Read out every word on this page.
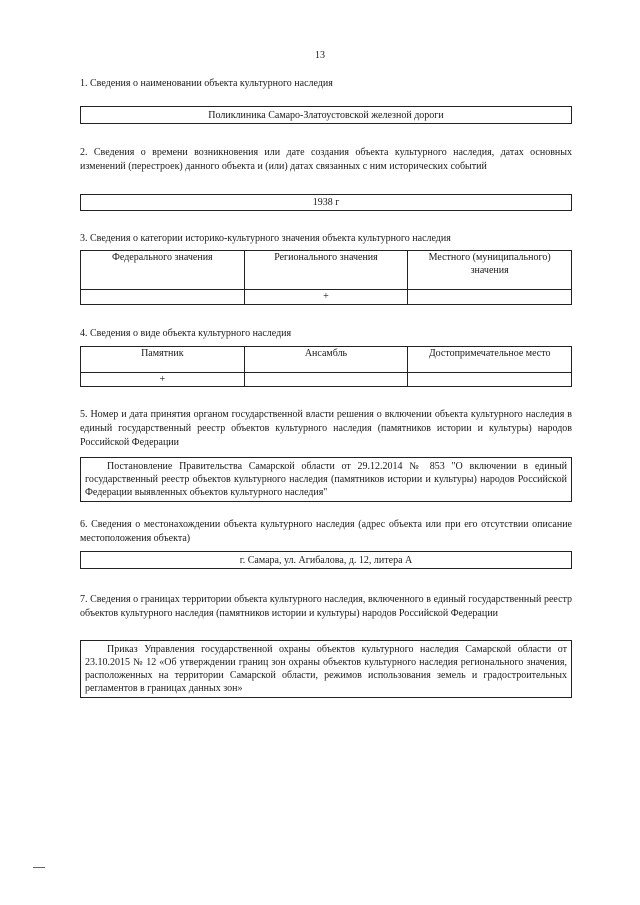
13
1. Сведения о наименовании объекта культурного наследия
Поликлиника Самаро-Златоустовской железной дороги
2. Сведения о времени возникновения или дате создания объекта культурного наследия, датах основных изменений (перестроек) данного объекта и (или) датах связанных с ним исторических событий
1938 г
3. Сведения о категории историко-культурного значения объекта культурного наследия
Федерального значения	Регионального значения	Местного (муниципального) значения
	+	
4. Сведения о виде объекта культурного наследия
Памятник	Ансамбль	Достопримечательное место
+		
5. Номер и дата принятия органом государственной власти решения о включении объекта культурного наследия в единый государственный реестр объектов культурного наследия (памятников истории и культуры) народов Российской Федерации
Постановление Правительства Самарской области от 29.12.2014 № 853 "О включении в единый государственный реестр объектов культурного наследия (памятников истории и культуры) народов Российской Федерации выявленных объектов культурного наследия"
6. Сведения о местонахождении объекта культурного наследия (адрес объекта или при его отсутствии описание местоположения объекта)
г. Самара, ул. Агибалова, д. 12, литера А
7. Сведения о границах территории объекта культурного наследия, включенного в единый государственный реестр объектов культурного наследия (памятников истории и культуры) народов Российской Федерации
Приказ Управления государственной охраны объектов культурного наследия Самарской области от 23.10.2015 № 12 «Об утверждении границ зон охраны объектов культурного наследия регионального значения, расположенных на территории Самарской области, режимов использования земель и градостроительных регламентов в границах данных зон»
